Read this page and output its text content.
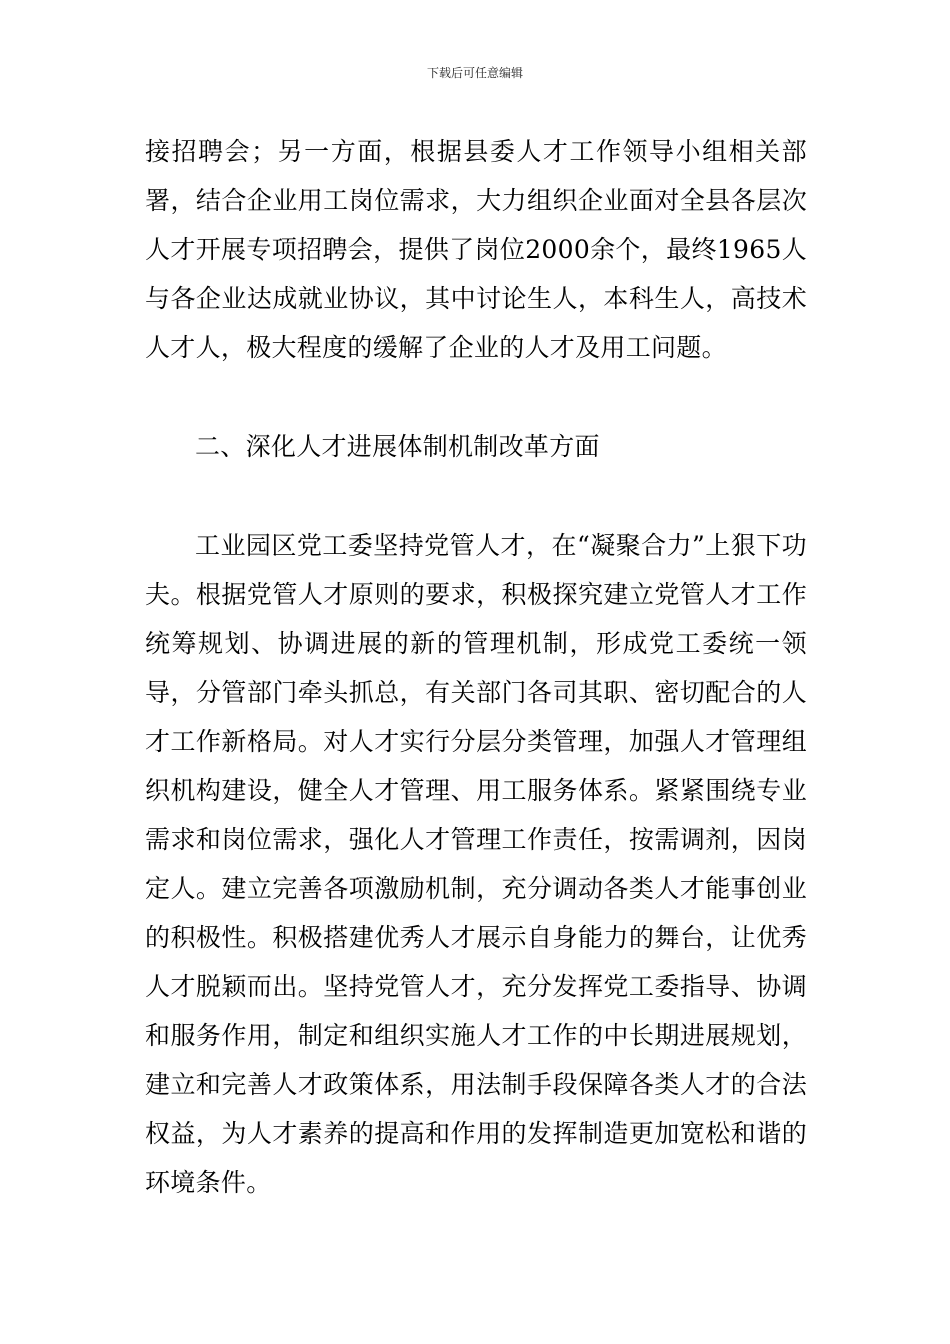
下载后可任意编辑

接招聘会；另一方面，根据县委人才工作领导小组相关部署，结合企业用工岗位需求，大力组织企业面对全县各层次人才开展专项招聘会，提供了岗位2000余个，最终1965人与各企业达成就业协议，其中讨论生人，本科生人，高技术人才人，极大程度的缓解了企业的人才及用工问题。

二、深化人才进展体制机制改革方面

工业园区党工委坚持党管人才，在“凝聚合力”上狠下功夫。根据党管人才原则的要求，积极探究建立党管人才工作统筹规划、协调进展的新的管理机制，形成党工委统一领导，分管部门牵头抓总，有关部门各司其职、密切配合的人才工作新格局。对人才实行分层分类管理，加强人才管理组织机构建设，健全人才管理、用工服务体系。紧紧围绕专业需求和岗位需求，强化人才管理工作责任，按需调剂，因岗定人。建立完善各项激励机制，充分调动各类人才能事创业的积极性。积极搭建优秀人才展示自身能力的舞台，让优秀人才脱颖而出。坚持党管人才，充分发挥党工委指导、协调和服务作用，制定和组织实施人才工作的中长期进展规划，建立和完善人才政策体系，用法制手段保障各类人才的合法权益，为人才素养的提高和作用的发挥制造更加宽松和谐的环境条件。
